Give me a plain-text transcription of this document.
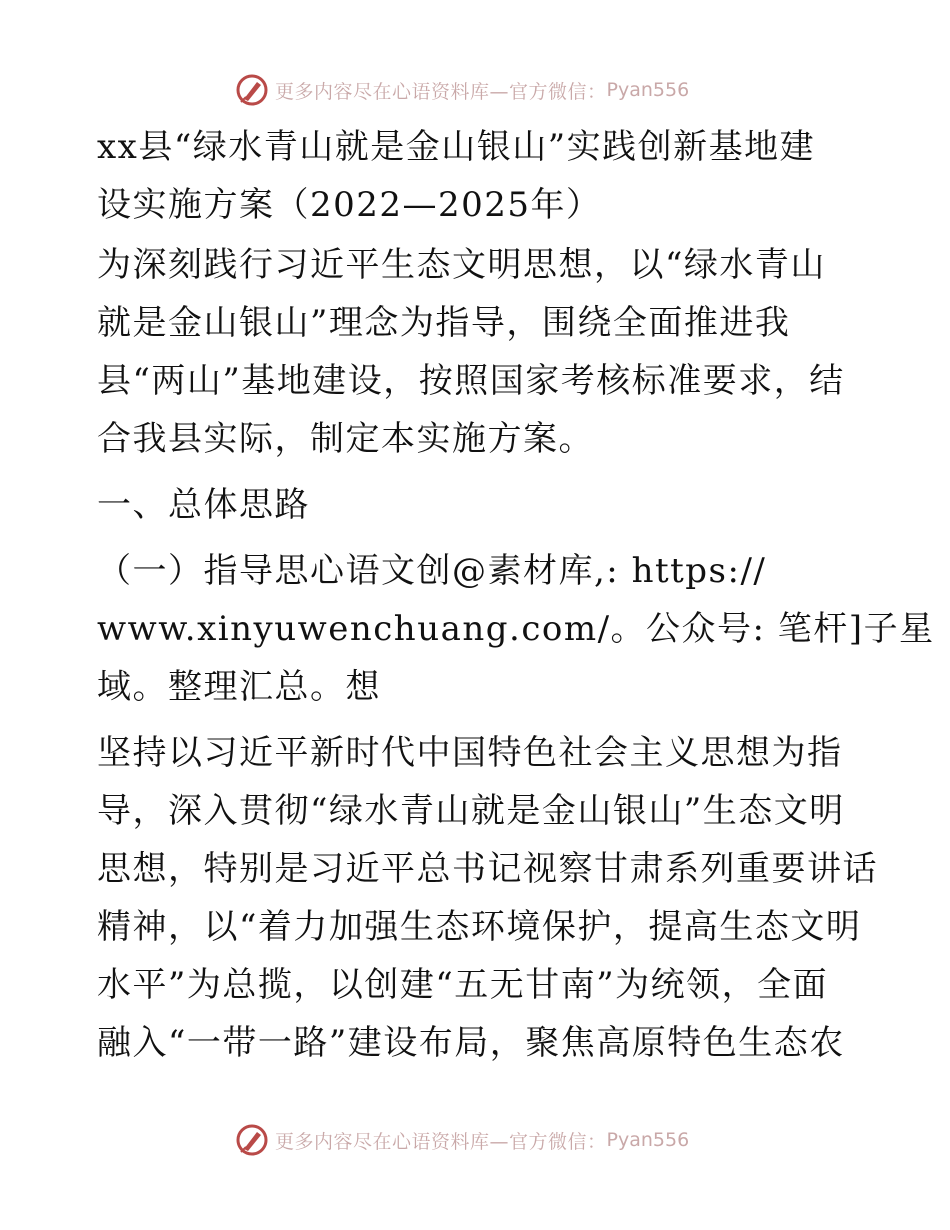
更多内容尽在心语资料库—官方微信： Pyan556
xx县“绿水青山就是金山银山”实践创新基地建
设实施方案（2022—2025年）
为深刻践行习近平生态文明思想，以“绿水青山
就是金山银山”理念为指导，围绕全面推进我
县“两山”基地建设，按照国家考核标准要求，结
合我县实际，制定本实施方案。
一、总体思路
（一）指导思心语文创@素材库,: https://
www.xinyuwenchuang.com/。公众号: 笔杆]子星
域。整理汇总。想
坚持以习近平新时代中国特色社会主义思想为指
导，深入贯彻“绿水青山就是金山银山”生态文明
思想，特别是习近平总书记视察甘肃系列重要讲话
精神，以“着力加强生态环境保护，提高生态文明
水平”为总揽，以创建“五无甘南”为统领，全面
融入“一带一路”建设布局，聚焦高原特色生态农
更多内容尽在心语资料库—官方微信： Pyan556
